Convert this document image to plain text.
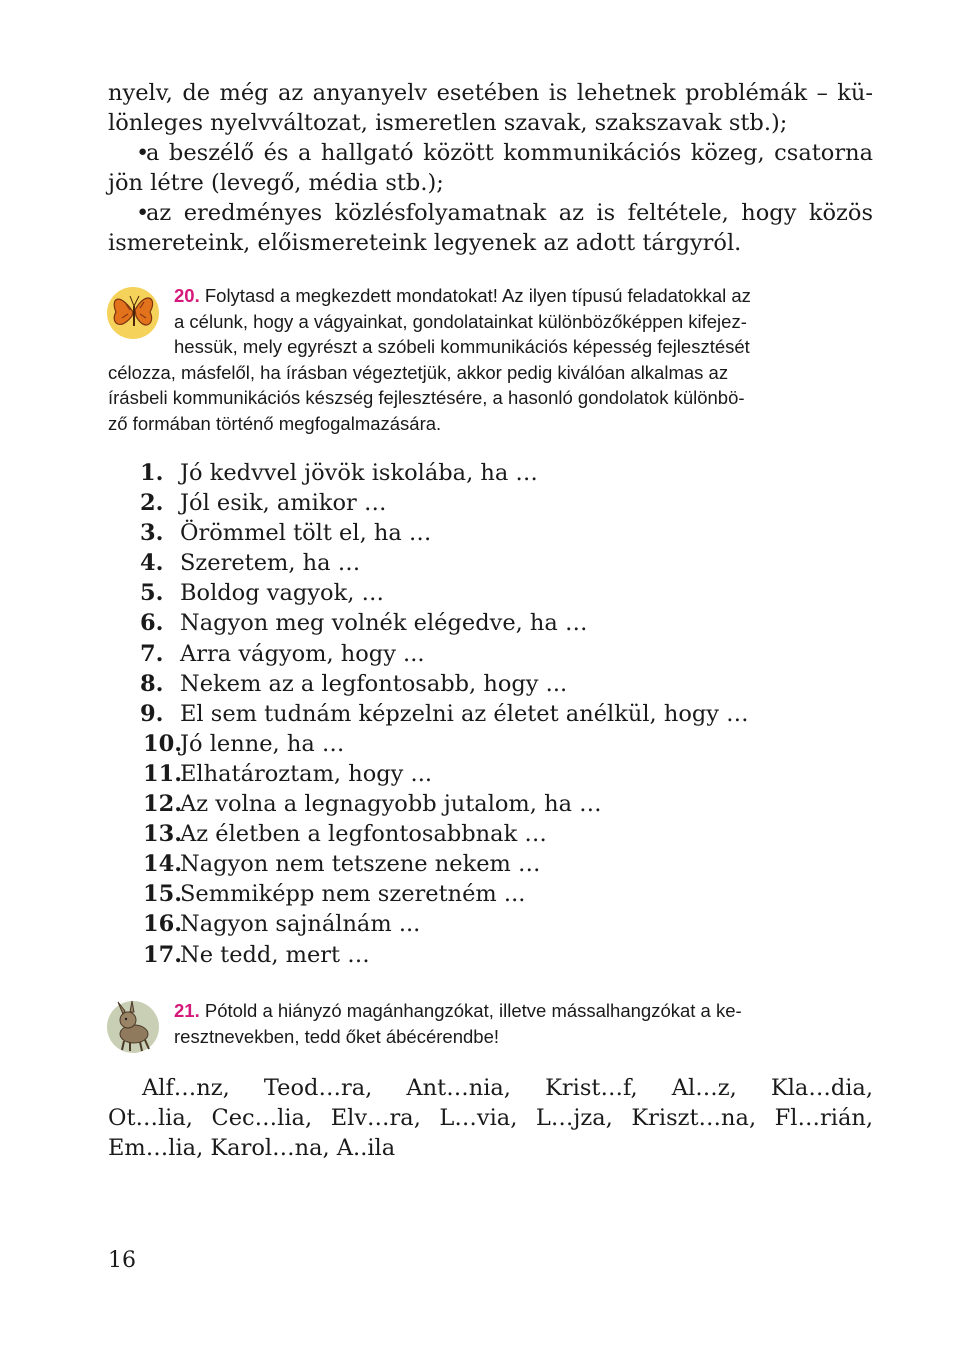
nyelv, de még az anyanyelv esetében is lehetnek problémák – kü-lönleges nyelvváltozat, ismeretlen szavak, szakszavak stb.);

•
a beszélő és a hallgató között kommunikációs közeg, csatorna jön létre (levegő, média stb.);

•
az eredményes közlésfolyamatnak az is feltétele, hogy közös ismereteink, előismereteink legyenek az adott tárgyról.

20. Folytasd a megkezdett mondatokat! Az ilyen típusú feladatokkal az
a célunk, hogy a vágyainkat, gondolatainkat különbözőképpen kifejez-
hessük, mely egyrészt a szóbeli kommunikációs képesség fejlesztését
célozza, másfelől, ha írásban végeztetjük, akkor pedig kiválóan alkalmas az
írásbeli kommunikációs készség fejlesztésére, a hasonló gondolatok különbö-
ző formában történő megfogalmazására.
1. Jó kedvvel jövök iskolába, ha …
2. Jól esik, amikor …
3. Örömmel tölt el, ha …
4. Szeretem, ha …
5. Boldog vagyok, …
6. Nagyon meg volnék elégedve, ha …
7. Arra vágyom, hogy ...
8. Nekem az a legfontosabb, hogy ...
9. El sem tudnám képzelni az életet anélkül, hogy …
10.
Jó lenne, ha …
11.
Elhatároztam, hogy ...
12.
Az volna a legnagyobb jutalom, ha …
13.
Az életben a legfontosabbnak …
14.
Nagyon nem tetszene nekem …
15.
Semmiképp nem szeretném ...
16.
Nagyon sajnálnám ...
17.
Ne tedd, mert …
21. Pótold a hiányzó magánhangzókat, illetve mássalhangzókat a ke-
resztnevekben, tedd őket ábécérendbe!
Alf…nz, Teod…ra, Ant…nia, Krist…f, Al…z, Kla…dia,
Ot…lia, Cec…lia, Elv…ra, L…via, L…jza, Kriszt…na, Fl…rián,
Em…lia, Karol…na, A..ila
16
